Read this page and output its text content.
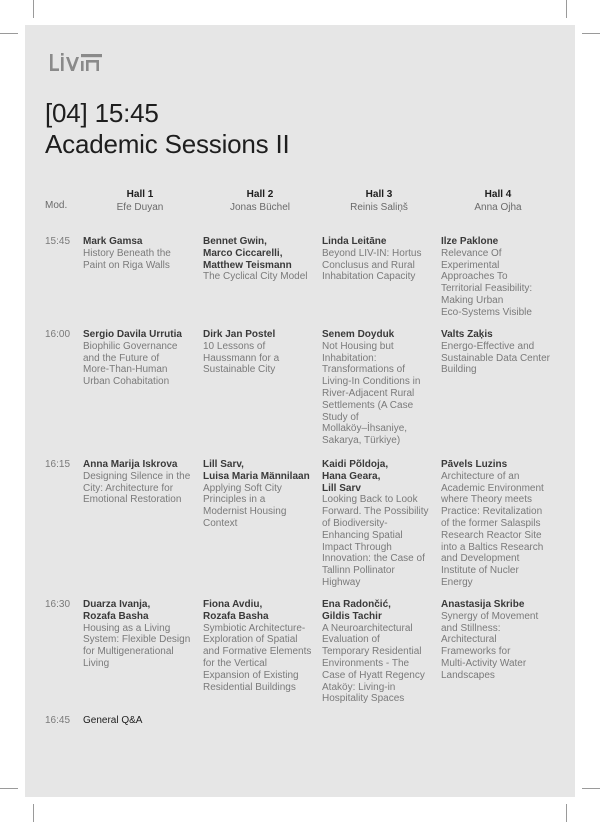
[04] 15:45
Academic Sessions II
Mod.
Hall 1
Efe Duyan
Hall 2
Jonas Büchel
Hall 3
Reinis Saliņš
Hall 4
Anna Ojha
15:45 Mark Gamsa
History Beneath the
Paint on Riga Walls
Bennet Gwin,
Marco Ciccarelli,
Matthew Teismann
The Cyclical City Model
Linda Leitāne
Beyond LIV-IN: Hortus
Conclusus and Rural
Inhabitation Capacity
Ilze Paklone
Relevance Of
Experimental
Approaches To
Territorial Feasibility:
Making Urban
Eco-Systems Visible
16:00 Sergio Davila Urrutia
Biophilic Governance
and the Future of
More-Than-Human
Urban Cohabitation
Dirk Jan Postel
10 Lessons of
Haussmann for a
Sustainable City
Senem Doyduk
Not Housing but
Inhabitation:
Transformations of
Living-In Conditions in
River-Adjacent Rural
Settlements (A Case
Study of
Mollaköy–İhsaniye,
Sakarya, Türkiye)
Valts Zaķis
Energo-Effective and
Sustainable Data Center
Building
16:15 Anna Marija Iskrova
Designing Silence in the
City: Architecture for
Emotional Restoration
Lill Sarv,
Luisa Maria Männilaan
Applying Soft City
Principles in a
Modernist Housing
Context
Kaidi Põldoja,
Hana Geara,
Lill Sarv
Looking Back to Look
Forward. The Possibility
of Biodiversity-
Enhancing Spatial
Impact Through
Innovation: the Case of
Tallinn Pollinator
Highway
Pāvels Luzins
Architecture of an
Academic Environment
where Theory meets
Practice: Revitalization
of the former Salaspils
Research Reactor Site
into a Baltics Research
and Development
Institute of Nucler
Energy
16:30 Duarza Ivanja,
Rozafa Basha
Housing as a Living
System: Flexible Design
for Multigenerational
Living
Fiona Avdiu,
Rozafa Basha
Symbiotic Architecture-
Exploration of Spatial
and Formative Elements
for the Vertical
Expansion of Existing
Residential Buildings
Ena Radončić,
Gildis Tachir
A Neuroarchitectural
Evaluation of
Temporary Residential
Environments - The
Case of Hyatt Regency
Ataköy: Living-in
Hospitality Spaces
Anastasija Skribe
Synergy of Movement
and Stillness:
Architectural
Frameworks for
Multi-Activity Water
Landscapes
16:45 General Q&A
